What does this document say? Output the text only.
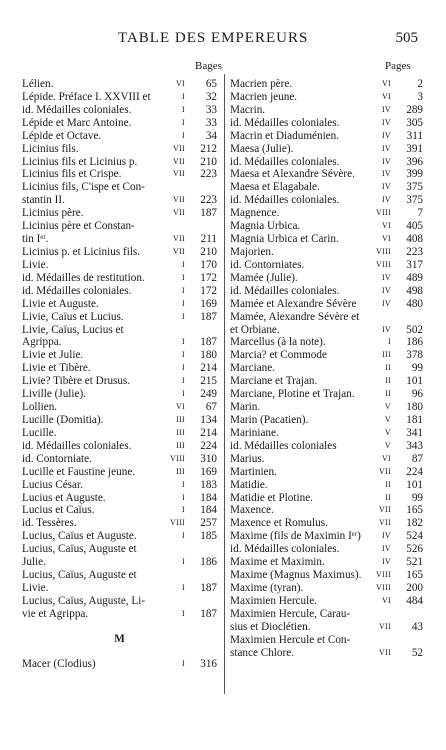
TABLE DES EMPEREURS	505
Bages	Pages
Lélien.	VI	65
Lépide. Préface I. XXVIII et	I	32
id. Médailles coloniales.	I	33
Lépide et Marc Antoine.	I	33
Lépide et Octave.	I	34
Licinius fils.	VII	212
Licinius fils et Licinius p.	VII	210
Licinius fils et Crispe.	VII	223
Licinius fils, C'ispe et Con-
stantin II.	VII	223
Licinius père.	VII	187
Licinius père et Constan-
tin Iᵉʳ.	VII	211
Licinius p. et Licinius fils.	VII	210
Livie.	I	170
id. Médailles de restitution.	I	172
id. Médailles coloniales.	I	172
Livie et Auguste.	I	169
Livie, Caïus et Lucius.	I	187
Livie, Caïus, Lucius et
Agrippa.	I	187
Livie et Julie.	I	180
Livie et Tibère.	I	214
Livie? Tibère et Drusus.	I	215
Liville (Julie).	I	249
Lollien.	VI	67
Lucille (Domitia).	III	134
Lucille.	III	214
id. Médailles coloniales.	III	224
id. Contorniate.	VIII	310
Lucille et Faustine jeune.	III	169
Lucius César.	I	183
Lucius et Auguste.	I	184
Lucius et Caïus.	I	184
id. Tessères.	VIII	257
Lucius, Caïus et Auguste.	I	185
Lucius, Caïus, Auguste et
Julie.	I	186
Lucius, Caïus, Auguste et
Livie.	I	187
Lucius, Caïus, Auguste, Li-
vie et Agrippa.	I	187
M
Macer (Clodius)	I	316
Macrien père.	VI	2
Macrien jeune.	VI	3
Macrin.	IV	289
id. Médailles coloniales.	IV	305
Macrin et Diaduménien.	IV	311
Maesa (Julie).	IV	391
id. Médailles coloniales.	IV	396
Maesa et Alexandre Sévère.	IV	399
Maesa et Elagabale.	IV	375
id. Médailles coloniales.	IV	375
Magnence.	VIII	7
Magnia Urbica.	VI	405
Magnia Urbica et Carin.	VI	408
Majorien.	VIII	223
id. Contorniates.	VIII	317
Mamée (Julie).	IV	489
id. Médailles coloniales.	IV	498
Mamée et Alexandre Sévère	IV	480
Mamée, Alexandre Sévère et
et Orbiane.	IV	502
Marcellus (à la note).	I	186
Marcia? et Commode	III	378
Marciane.	II	99
Marciane et Trajan.	II	101
Marciane, Plotine et Trajan.	II	96
Marin.	V	180
Marin (Pacatien).	V	181
Mariniane.	V	341
id. Médailles coloniales	V	343
Marius.	VI	87
Martinien.	VII	224
Matidie.	II	101
Matidie et Plotine.	II	99
Maxence.	VII	165
Maxence et Romulus.	VII	182
Maxime (fils de Maximin Iᵉʳ)	IV	524
id. Médailles coloniales.	IV	526
Maxime et Maximin.	IV	521
Maxime (Magnus Maximus).	VIII	165
Maxime (tyran).	VIII	200
Maximien Hercule.	VI	484
Maximien Hercule, Carau-
sius et Dioclétien.	VII	43
Maximien Hercule et Con-
stance Chlore.	VII	52
